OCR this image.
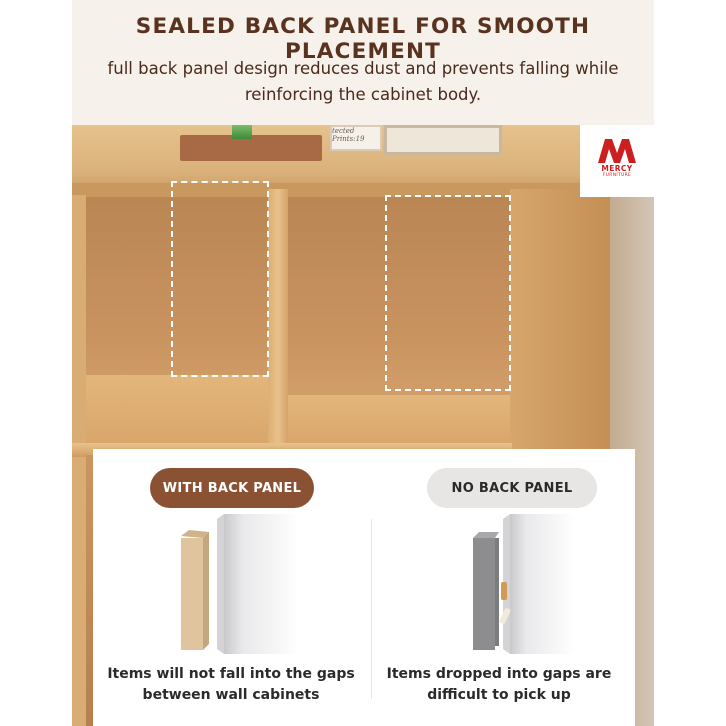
SEALED BACK PANEL FOR SMOOTH PLACEMENT
full back panel design reduces dust and prevents falling while reinforcing the cabinet body.
tected Prints:19
MERCY
FURNITURE
WITH BACK PANEL	NO BACK PANEL
Items will not fall into the gaps between wall cabinets
Items dropped into gaps are difficult to pick up
